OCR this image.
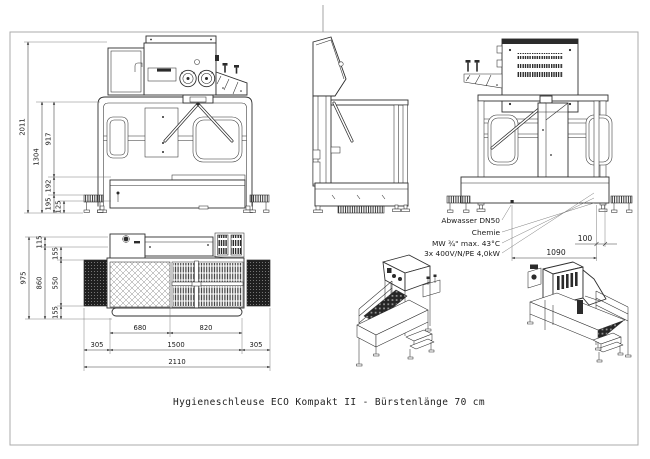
2011
1304
917
192
195 125
100
1090
Abwasser DN50
Chemie
MW ¾" max. 43°C
3x 400V/N/PE 4,0kW
975
115
860
155
550
155
680	820
305	1500	305
2110
Hygieneschleuse ECO Kompakt II - Bürstenlänge 70 cm
